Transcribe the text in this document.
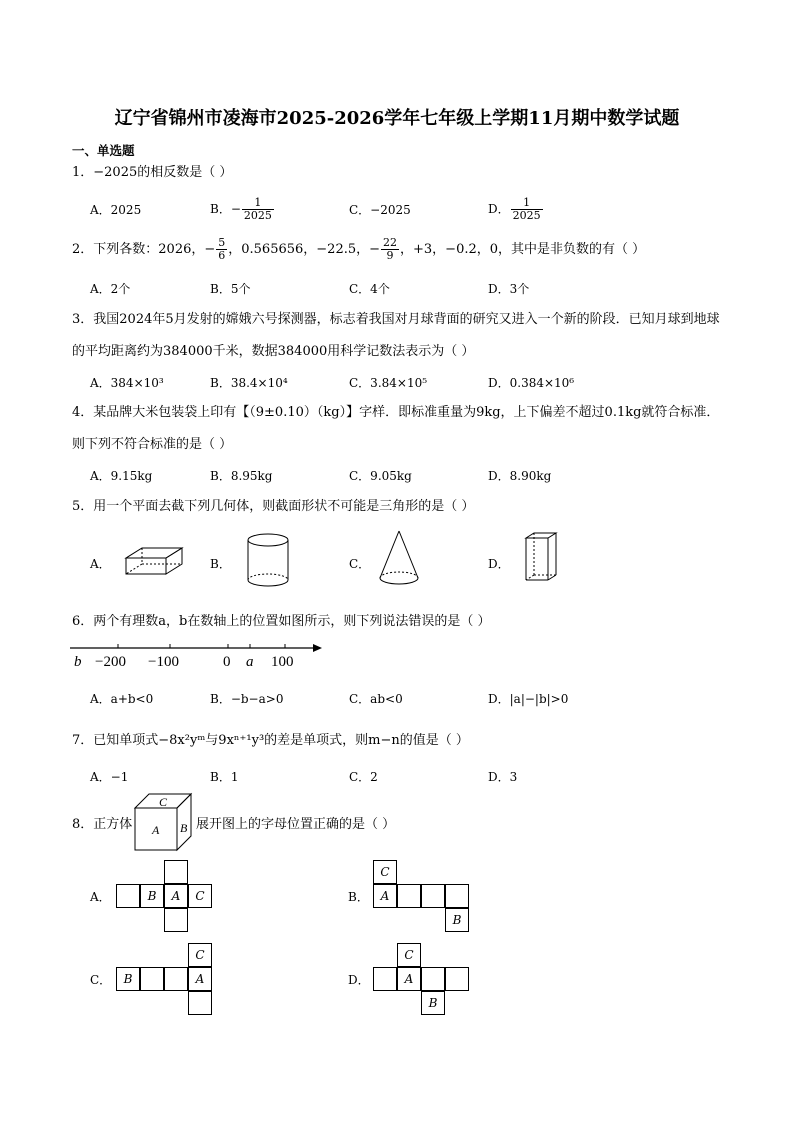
辽宁省锦州市凌海市2025-2026学年七年级上学期11月期中数学试题
一、单选题
1．−2025的相反数是（ ）
A．2025	B．− $\frac{1}{2025}$	C．−2025	D． $\frac{1}{2025}$
2．下列各数：2026，− $\frac{5}{6}$ ，0.565656，−22.5，− $\frac{22}{9}$ ，+3，−0.2，0，其中是非负数的有（ ）
A．2个	B．5个	C．4个	D．3个
3．我国2024年5月发射的嫦娥六号探测器，标志着我国对月球背面的研究又进入一个新的阶段．已知月球到地球的平均距离约为384000千米，数据384000用科学记数法表示为（ ）
A．384×10³	B．38.4×10⁴	C．3.84×10⁵	D．0.384×10⁶
4．某品牌大米包装袋上印有【（9±0.10）（kg）】字样．即标准重量为9kg，上下偏差不超过0.1kg就符合标准．则下列不符合标准的是（ ）
A．9.15kg	B．8.95kg	C．9.05kg	D．8.90kg
5．用一个平面去截下列几何体，则截面形状不可能是三角形的是（ ）
A．	B．	C．	D．
6．两个有理数a，b在数轴上的位置如图所示，则下列说法错误的是（ ）
b −200 −100	0 a 100
A．a+b<0	B．−b−a>0	C．ab<0	D．|a|−|b|>0
7．已知单项式−8x²yᵐ与9xⁿ⁺¹y³的差是单项式，则m−n的值是（ ）
A．−1	B．1	C．2	D．3
8．正方体
C
A B 展开图上的字母位置正确的是（ ）
A．	B	A	C	B．
C
A
B
C．	B
C
A	D．
C
A
B
